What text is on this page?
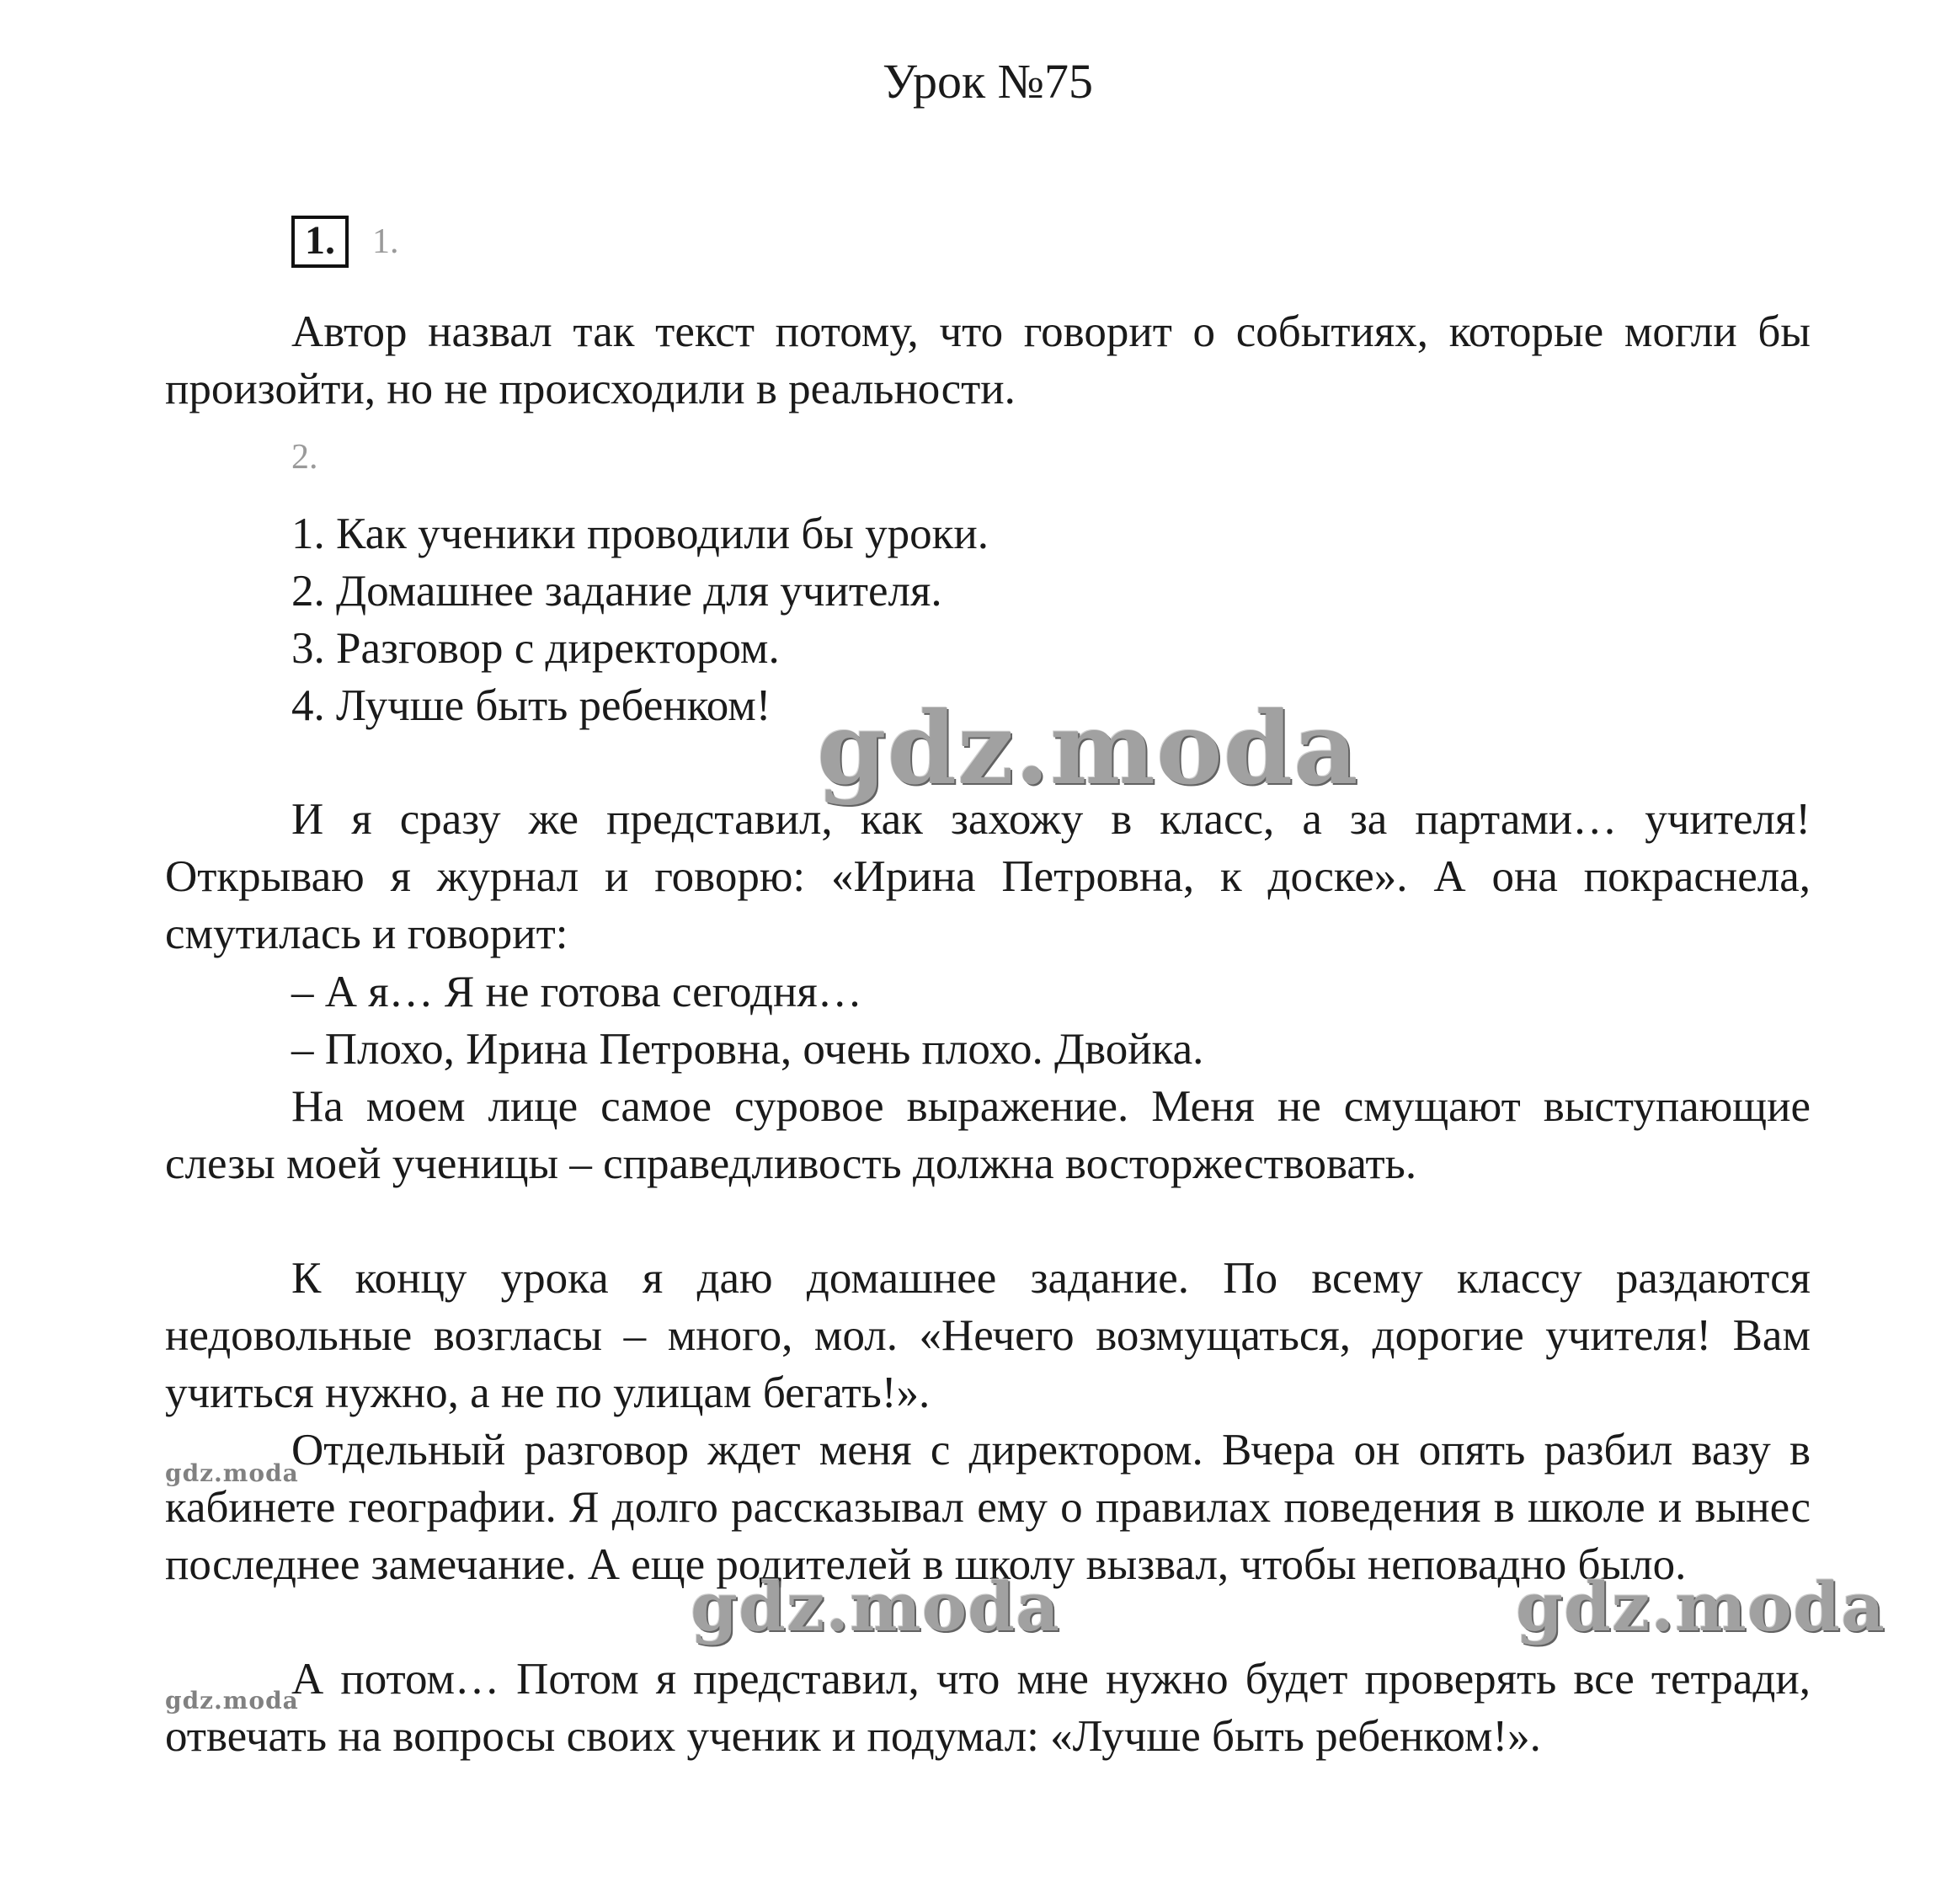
Урок №75
1.	1.

Автор назвал так текст потому, что говорит о событиях, которые могли бы произойти, но не происходили в реальности.

2.
1. Как ученики проводили бы уроки.
2. Домашнее задание для учителя.
3. Разговор с директором.
4. Лучше быть ребенком!

И я сразу же представил, как захожу в класс, а за партами… учителя! Открываю я журнал и говорю: «Ирина Петровна, к доске». А она покраснела, смутилась и говорит:

– А я… Я не готова сегодня…

– Плохо, Ирина Петровна, очень плохо. Двойка.

На моем лице самое суровое выражение. Меня не смущают выступающие слезы моей ученицы – справедливость должна восторжествовать.

К концу урока я даю домашнее задание. По всему классу раздаются недовольные возгласы – много, мол. «Нечего возмущаться, дорогие учителя! Вам учиться нужно, а не по улицам бегать!».

Отдельный разговор ждет меня с директором. Вчера он опять разбил вазу в кабинете географии. Я долго рассказывал ему о правилах поведения в школе и вынес последнее замечание. А еще родителей в школу вызвал, чтобы неповадно было.

А потом… Потом я представил, что мне нужно будет проверять все тетради, отвечать на вопросы своих ученик и подумал: «Лучше быть ребенком!».

gdz.moda
gdz.moda	gdz.moda
gdz.moda
gdz.moda
